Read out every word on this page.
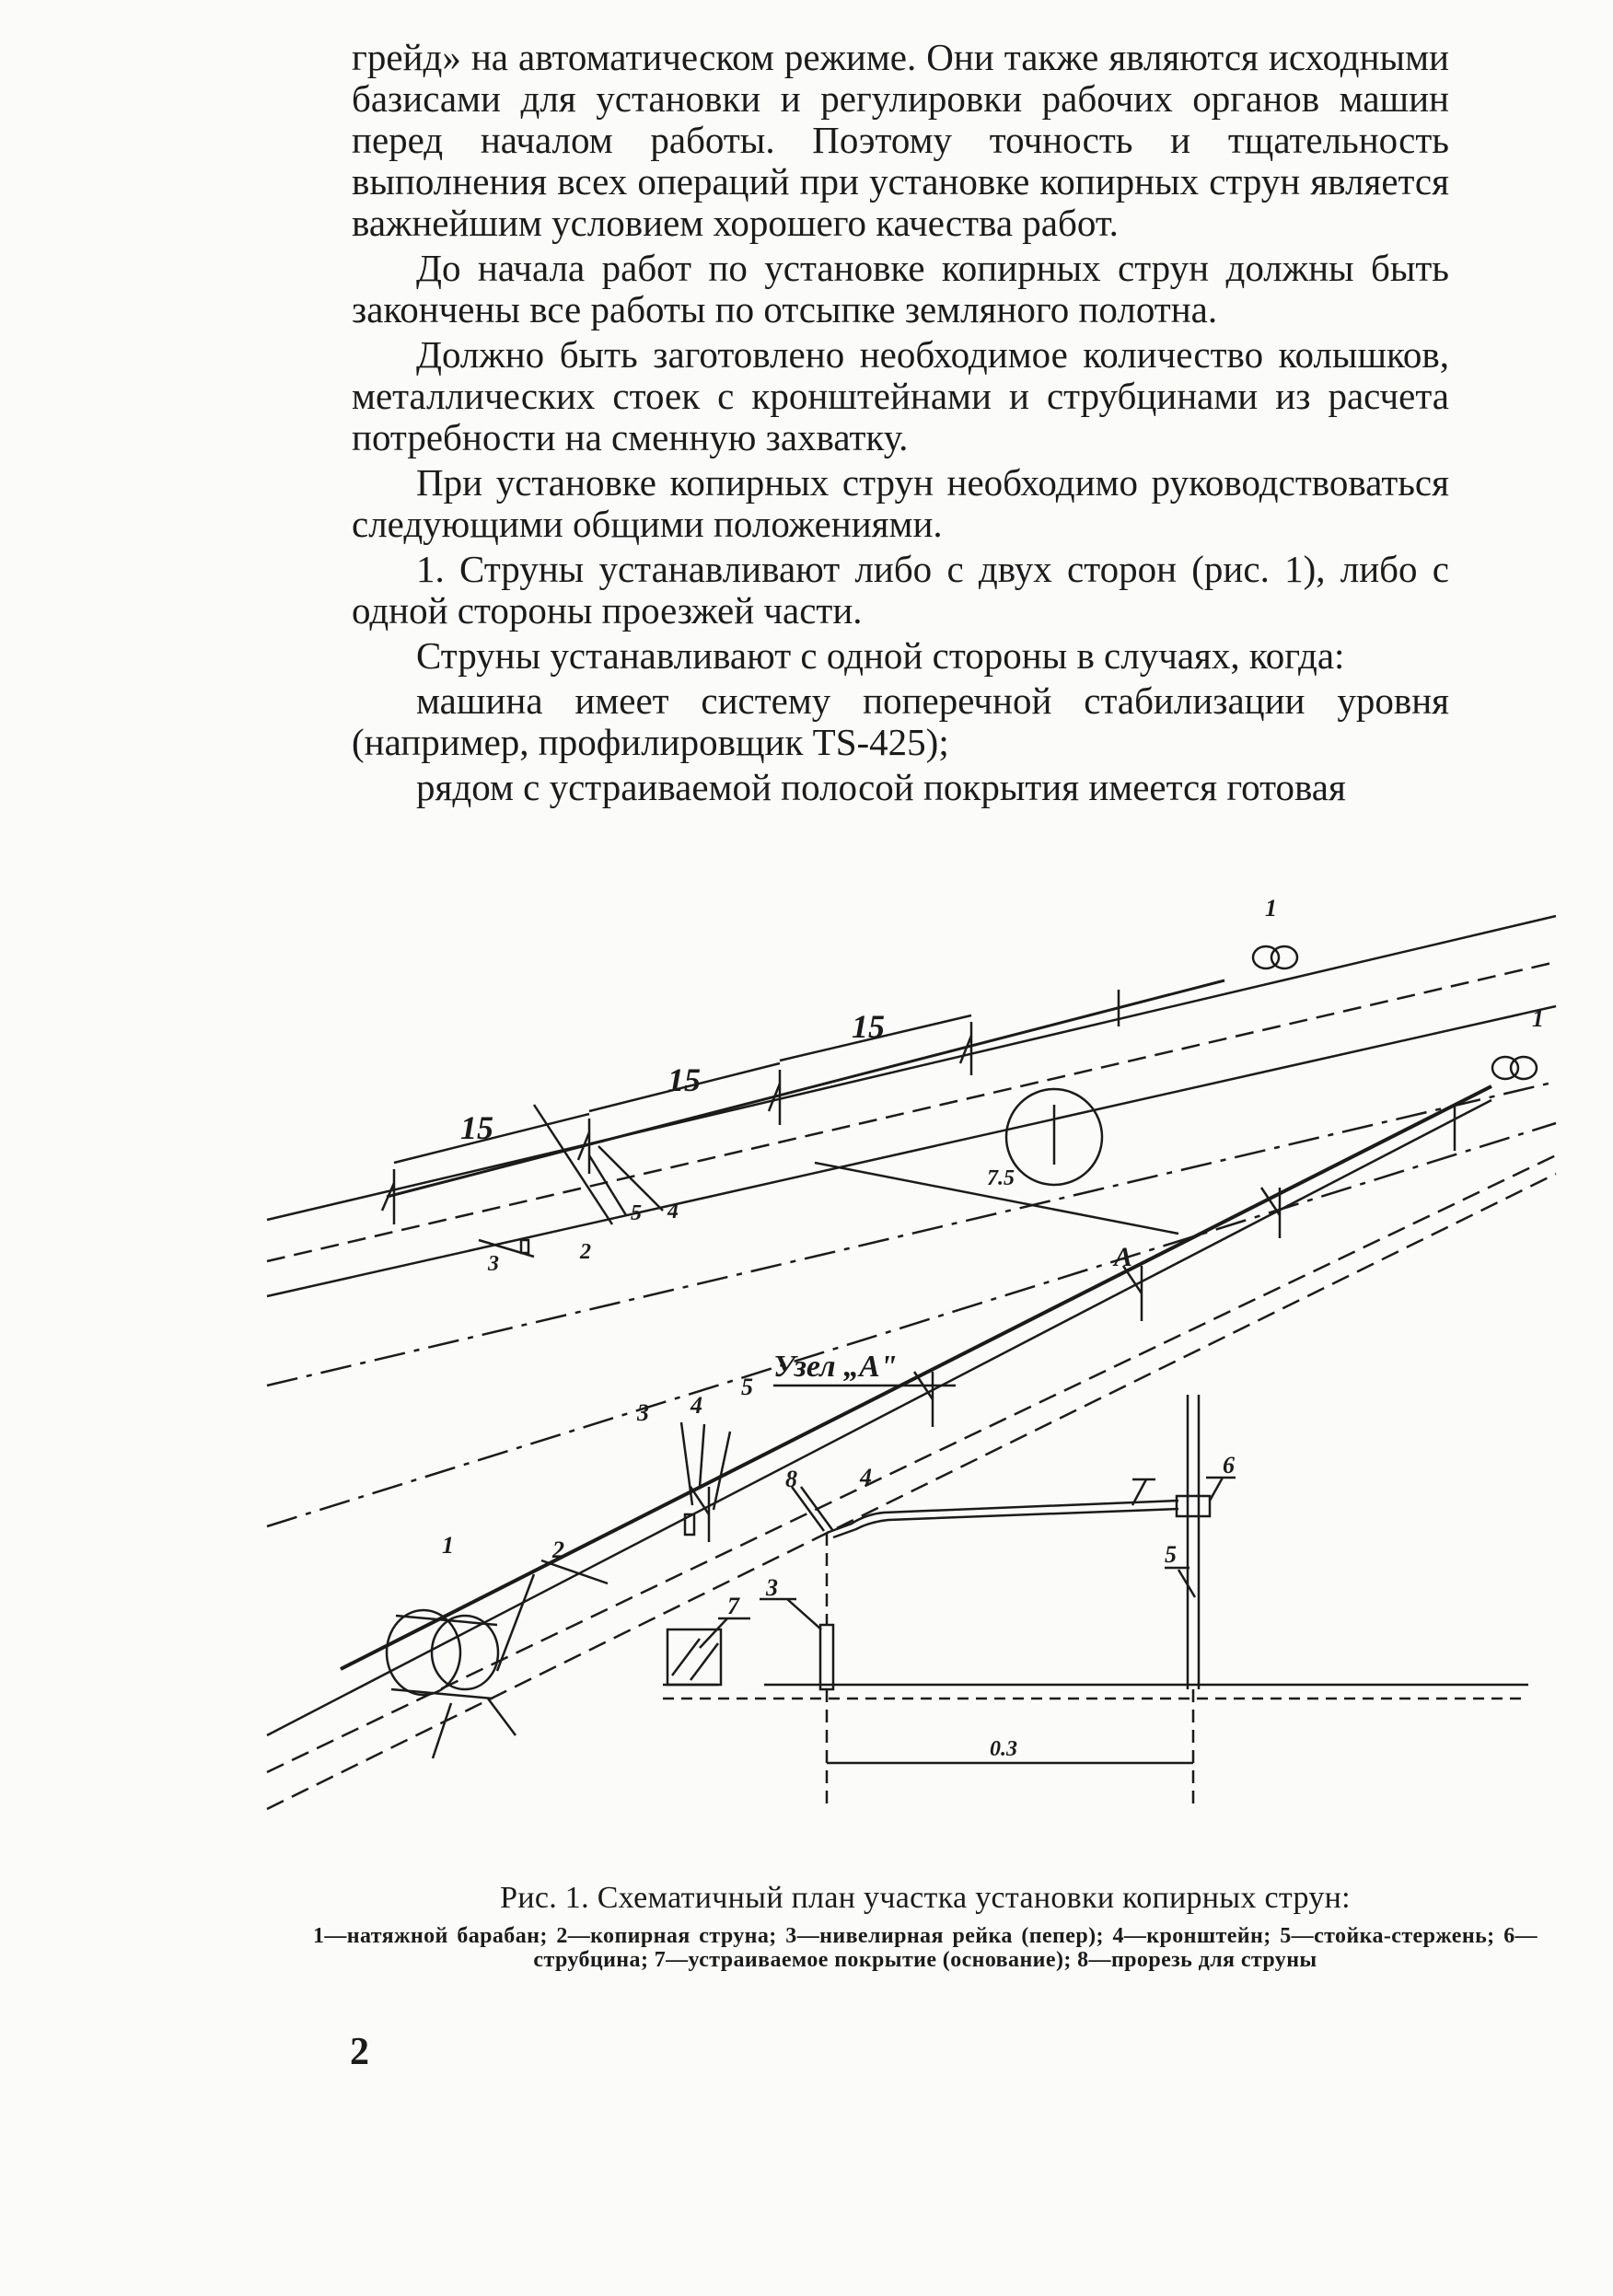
грейд» на автоматическом режиме. Они также являются исходными базисами для установки и регулировки рабочих органов машин перед началом работы. Поэтому точность и тщательность выполнения всех операций при установке копирных струн является важнейшим условием хорошего качества работ.

До начала работ по установке копирных струн должны быть закончены все работы по отсыпке земляного полотна.

Должно быть заготовлено необходимое количество колышков, металлических стоек с кронштейнами и струбцинами из расчета потребности на сменную захватку.

При установке копирных струн необходимо руководствоваться следующими общими положениями.

1. Струны устанавливают либо с двух сторон (рис. 1), либо с одной стороны проезжей части.

Струны устанавливают с одной стороны в случаях, когда:

машина имеет систему поперечной стабилизации уровня (например, профилировщик TS-425);

рядом с устраиваемой полосой покрытия имеется готовая

15
15
15
7.5
1
1
2
3
4
5
2
1
3 4
5
А
Узел „А"
8	4	6
5
3
7
0.3
Рис. 1. Схематичный план участка установки копирных струн:
1—натяжной барабан; 2—копирная струна; 3—нивелирная рейка (пепер); 4—кронштейн; 5—стойка-стержень; 6—струбцина; 7—устраиваемое покрытие (основание); 8—прорезь для струны
2
